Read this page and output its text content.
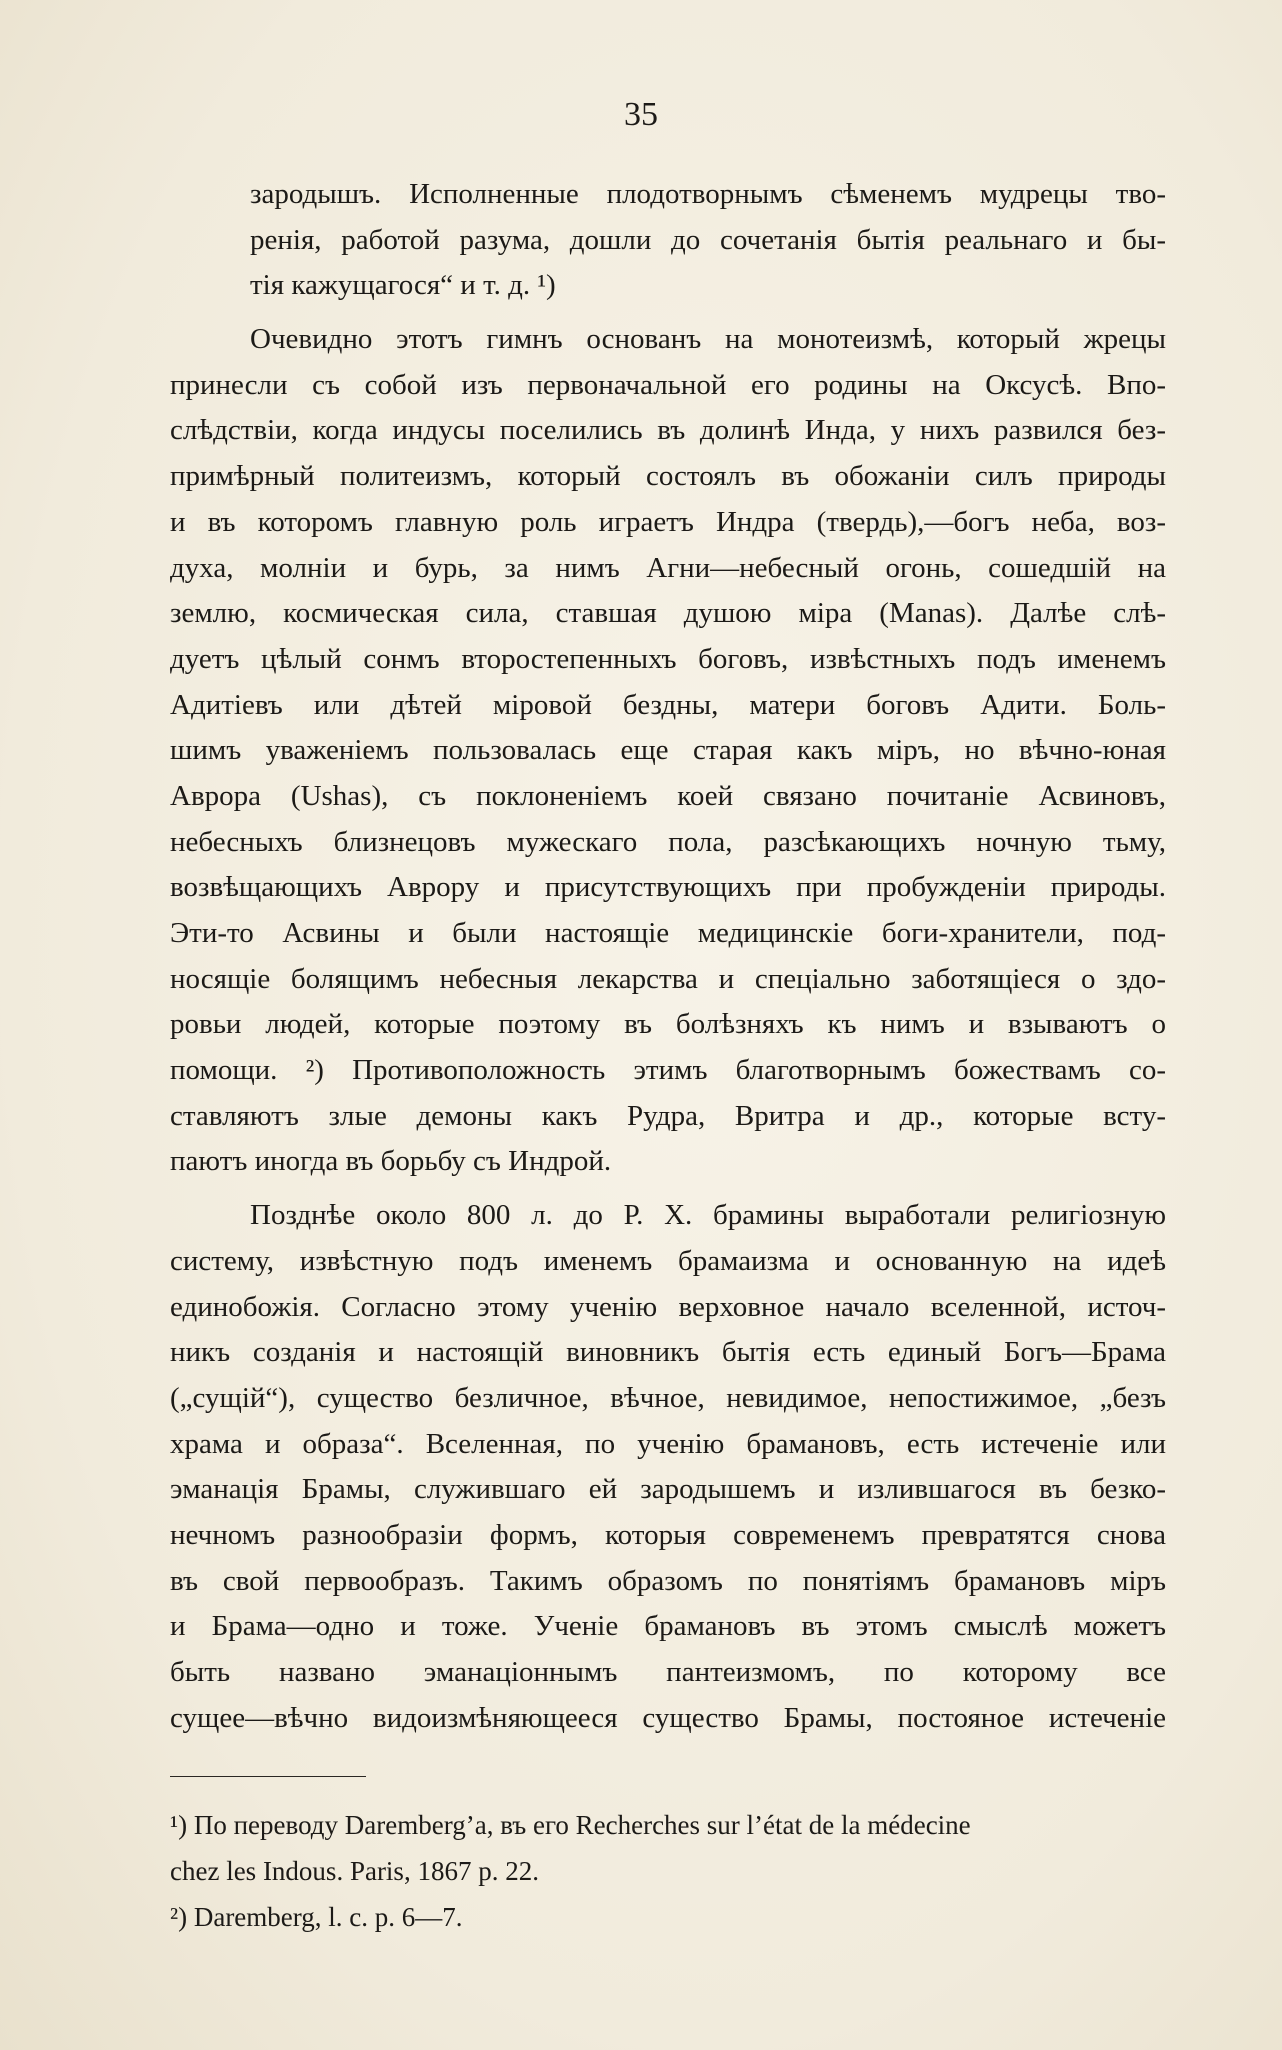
35
зародышъ. Исполненные плодотворнымъ сѣменемъ мудрецы тво-
ренія, работой разума, дошли до сочетанія бытія реальнаго и бы-
тія кажущагося“ и т. д. ¹)
Очевидно этотъ гимнъ основанъ на монотеизмѣ, который жрецы
принесли съ собой изъ первоначальной его родины на Оксусѣ. Впо-
слѣдствіи, когда индусы поселились въ долинѣ Инда, у нихъ развился без-
примѣрный политеизмъ, который состоялъ въ обожаніи силъ природы
и въ которомъ главную роль играетъ Индра (твердь),—богъ неба, воз-
духа, молніи и бурь, за нимъ Агни—небесный огонь, сошедшій на
землю, космическая сила, ставшая душою міра (Manas). Далѣе слѣ-
дуетъ цѣлый сонмъ второстепенныхъ боговъ, извѣстныхъ подъ именемъ
Адитіевъ или дѣтей міровой бездны, матери боговъ Адити. Боль-
шимъ уваженіемъ пользовалась еще старая какъ міръ, но вѣчно-юная
Аврора (Ushas), съ поклоненіемъ коей связано почитаніе Асвиновъ,
небесныхъ близнецовъ мужескаго пола, разсѣкающихъ ночную тьму,
возвѣщающихъ Аврору и присутствующихъ при пробужденіи природы.
Эти-то Асвины и были настоящіе медицинскіе боги-хранители, под-
носящіе болящимъ небесныя лекарства и спеціально заботящіеся о здо-
ровьи людей, которые поэтому въ болѣзняхъ къ нимъ и взываютъ о
помощи. ²) Противоположность этимъ благотворнымъ божествамъ со-
ставляютъ злые демоны какъ Рудра, Вритра и др., которые всту-
паютъ иногда въ борьбу съ Индрой.
Позднѣе около 800 л. до Р. Х. брамины выработали религіозную
систему, извѣстную подъ именемъ брамаизма и основанную на идеѣ
единобожія. Согласно этому ученію верховное начало вселенной, источ-
никъ созданія и настоящій виновникъ бытія есть единый Богъ—Брама
(„сущій“), существо безличное, вѣчное, невидимое, непостижимое, „безъ
храма и образа“. Вселенная, по ученію брамановъ, есть истеченіе или
эманація Брамы, служившаго ей зародышемъ и излившагося въ безко-
нечномъ разнообразіи формъ, которыя современемъ превратятся снова
въ свой первообразъ. Такимъ образомъ по понятіямъ брамановъ міръ
и Брама—одно и тоже. Ученіе брамановъ въ этомъ смыслѣ можетъ
быть названо эманаціоннымъ пантеизмомъ, по которому все
сущее—вѣчно видоизмѣняющееся существо Брамы, постояное истеченіе
¹) По переводу Daremberg’a, въ его Recherches sur l’état de la médecine
chez les Indous. Paris, 1867 p. 22.
²) Daremberg, l. c. p. 6—7.
